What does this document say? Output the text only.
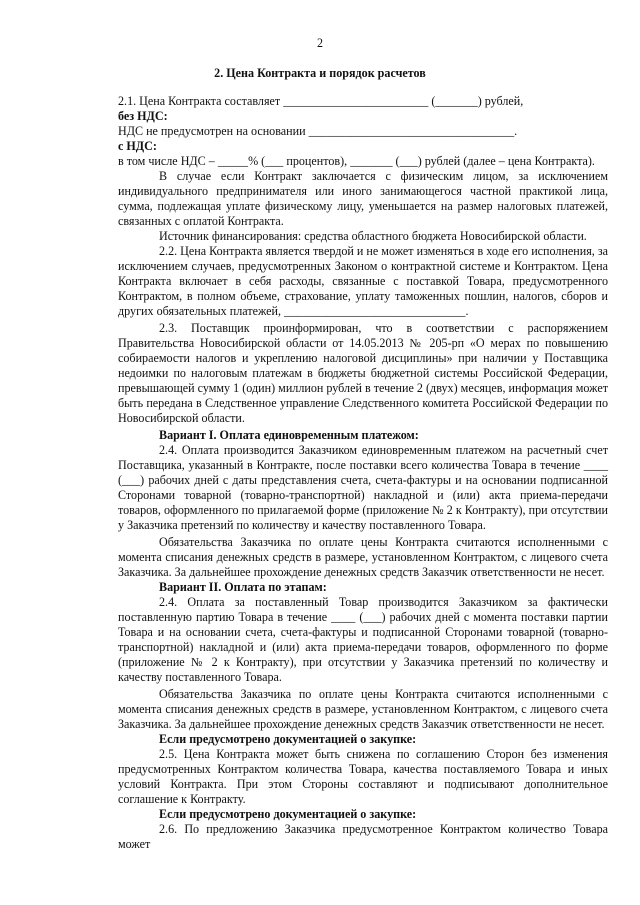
2
2. Цена Контракта и порядок расчетов

2.1. Цена Контракта составляет ________________________ (_______) рублей,

без НДС:

НДС не предусмотрен на основании __________________________________.

с НДС:

в том числе НДС – _____% (___ процентов), _______ (___) рублей (далее – цена Контракта).

В случае если Контракт заключается с физическим лицом, за исключением индивидуального предпринимателя или иного занимающегося частной практикой лица, сумма, подлежащая уплате физическому лицу, уменьшается на размер налоговых платежей, связанных с оплатой Контракта.

Источник финансирования: средства областного бюджета Новосибирской области.

2.2. Цена Контракта является твердой и не может изменяться в ходе его исполнения, за исключением случаев, предусмотренных Законом о контрактной системе и Контрактом. Цена Контракта включает в себя расходы, связанные с поставкой Товара, предусмотренного Контрактом, в полном объеме, страхование, уплату таможенных пошлин, налогов, сборов и других обязательных платежей, ______________________________.

2.3. Поставщик проинформирован, что в соответствии с распоряжением Правительства Новосибирской области от 14.05.2013 № 205-рп «О мерах по повышению собираемости налогов и укреплению налоговой дисциплины» при наличии у Поставщика недоимки по налоговым платежам в бюджеты бюджетной системы Российской Федерации, превышающей сумму 1 (один) миллион рублей в течение 2 (двух) месяцев, информация может быть передана в Следственное управление Следственного комитета Российской Федерации по Новосибирской области.

Вариант I. Оплата единовременным платежом:

2.4. Оплата производится Заказчиком единовременным платежом на расчетный счет Поставщика, указанный в Контракте, после поставки всего количества Товара в течение ____ (___) рабочих дней с даты представления счета, счета-фактуры и на основании подписанной Сторонами товарной (товарно-транспортной) накладной и (или) акта приема-передачи товаров, оформленного по прилагаемой форме (приложение № 2 к Контракту), при отсутствии у Заказчика претензий по количеству и качеству поставленного Товара.

Обязательства Заказчика по оплате цены Контракта считаются исполненными с момента списания денежных средств в размере, установленном Контрактом, с лицевого счета Заказчика. За дальнейшее прохождение денежных средств Заказчик ответственности не несет.

Вариант II. Оплата по этапам:

2.4. Оплата за поставленный Товар производится Заказчиком за фактически поставленную партию Товара в течение ____ (___) рабочих дней с момента поставки партии Товара и на основании счета, счета-фактуры и подписанной Сторонами товарной (товарно-транспортной) накладной и (или) акта приема-передачи товаров, оформленного по форме (приложение № 2 к Контракту), при отсутствии у Заказчика претензий по количеству и качеству поставленного Товара.

Обязательства Заказчика по оплате цены Контракта считаются исполненными с момента списания денежных средств в размере, установленном Контрактом, с лицевого счета Заказчика. За дальнейшее прохождение денежных средств Заказчик ответственности не несет.

Если предусмотрено документацией о закупке:

2.5. Цена Контракта может быть снижена по соглашению Сторон без изменения предусмотренных Контрактом количества Товара, качества поставляемого Товара и иных условий Контракта. При этом Стороны составляют и подписывают дополнительное соглашение к Контракту.

Если предусмотрено документацией о закупке:

2.6. По предложению Заказчика предусмотренное Контрактом количество Товара может
